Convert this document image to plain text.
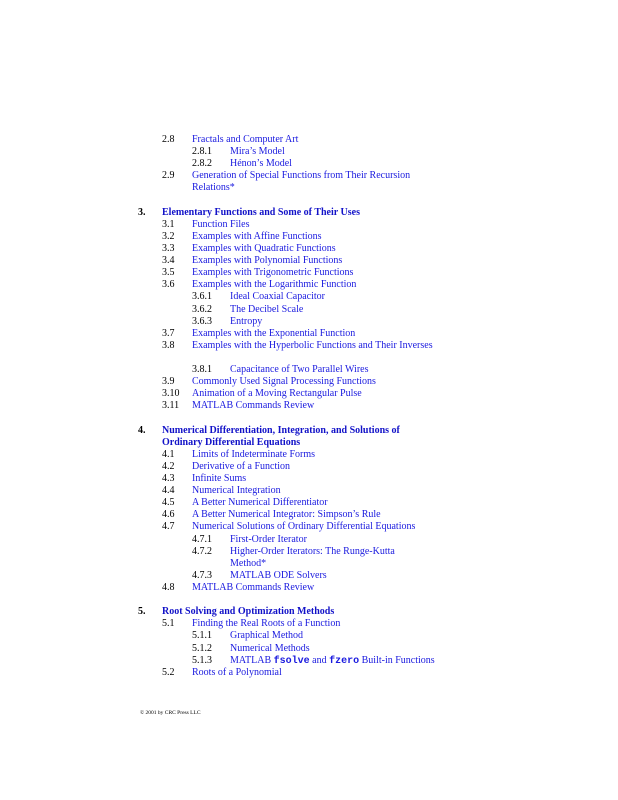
2.8 Fractals and Computer Art
2.8.1 Mira’s Model
2.8.2 Hénon’s Model
2.9 Generation of Special Functions from Their Recursion Relations*
3. Elementary Functions and Some of Their Uses
3.1 Function Files
3.2 Examples with Affine Functions
3.3 Examples with Quadratic Functions
3.4 Examples with Polynomial Functions
3.5 Examples with Trigonometric Functions
3.6 Examples with the Logarithmic Function
3.6.1 Ideal Coaxial Capacitor
3.6.2 The Decibel Scale
3.6.3 Entropy
3.7 Examples with the Exponential Function
3.8 Examples with the Hyperbolic Functions and Their Inverses
3.8.1 Capacitance of Two Parallel Wires
3.9 Commonly Used Signal Processing Functions
3.10 Animation of a Moving Rectangular Pulse
3.11 MATLAB Commands Review
4. Numerical Differentiation, Integration, and Solutions of Ordinary Differential Equations
4.1 Limits of Indeterminate Forms
4.2 Derivative of a Function
4.3 Infinite Sums
4.4 Numerical Integration
4.5 A Better Numerical Differentiator
4.6 A Better Numerical Integrator: Simpson’s Rule
4.7 Numerical Solutions of Ordinary Differential Equations
4.7.1 First-Order Iterator
4.7.2 Higher-Order Iterators: The Runge-Kutta Method*
4.7.3 MATLAB ODE Solvers
4.8 MATLAB Commands Review
5. Root Solving and Optimization Methods
5.1 Finding the Real Roots of a Function
5.1.1 Graphical Method
5.1.2 Numerical Methods
5.1.3 MATLAB fsolve and fzero Built-in Functions
5.2 Roots of a Polynomial
© 2001 by CRC Press LLC
